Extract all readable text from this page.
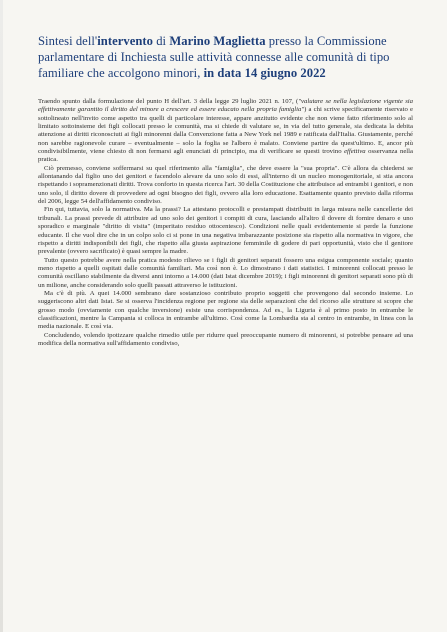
Sintesi dell'intervento di Marino Maglietta presso la Commissione parlamentare di Inchiesta sulle attività connesse alle comunità di tipo familiare che accolgono minori, in data 14 giugno 2022

Traendo spunto dalla formulazione del punto H dell'art. 3 della legge 29 luglio 2021 n. 107, ("valutare se nella legislazione vigente sia effettivamente garantito il diritto del minore a crescere ed essere educato nella propria famiglia") a chi scrive specificamente riservato e sottolineato nell'invito come aspetto tra quelli di particolare interesse, appare anzitutto evidente che non viene fatto riferimento solo al limitato sottoinsieme dei figli collocati presso le comunità, ma si chiede di valutare se, in via del tutto generale, sia dedicata la debita attenzione ai diritti riconosciuti ai figli minorenni dalla Convenzione fatta a New York nel 1989 e ratificata dall'Italia. Giustamente, perché non sarebbe ragionevole curare – eventualmente – solo la foglia se l'albero è malato. Conviene partire da quest'ultimo. E, ancor più condivisibilmente, viene chiesto di non fermarsi agli enunciati di principio, ma di verificare se questi trovino effettiva osservanza nella pratica.

Ciò premesso, conviene soffermarsi su quel riferimento alla "famiglia", che deve essere la "sua propria". C'è allora da chiedersi se allontanando dal figlio uno dei genitori e facendolo alevare da uno solo di essi, all'interno di un nucleo monogenitoriale, si stia ancora rispettando i sopramenzionati diritti. Trova conforto in questa ricerca l'art. 30 della Costituzione che attribuisce ad entrambi i genitori, e non uno solo, il diritto dovere di provvedere ad ogni bisogno dei figli, ovvero alla loro educazione. Esattamente quanto previsto dalla riforma del 2006, legge 54 dell'affidamento condiviso.

Fin qui, tuttavia, solo la normativa. Ma la prassi? La attestano protocolli e prestampati distribuiti in larga misura nelle cancellerie dei tribunali. La prassi prevede di attribuire ad uno solo dei genitori i compiti di cura, lasciando all'altro il dovere di fornire denaro e uno sporadico e marginale "diritto di visita" (imperitato residuo ottocentesco). Condizioni nelle quali evidentemente si perde la funzione educante. Il che vuol dire che in un colpo solo ci si pone in una negativa imbarazzante posizione sia rispetto alla normativa in vigore, che rispetto a diritti indisponibili dei figli, che rispetto alla giusta aspirazione femminile di godere di pari opportunità, visto che il genitore prevalente (ovvero sacrificato) è quasi sempre la madre.

Tutto questo potrebbe avere nella pratica modesto rilievo se i figli di genitori separati fossero una esigua componente sociale; quanto meno rispetto a quelli ospitati dalle comunità familiari. Ma così non è. Lo dimostrano i dati statistici. I minorenni collocati presso le comunità oscillano stabilmente da diversi anni intorno a 14.000 (dati Istat dicembre 2019); i figli minorenni di genitori separati sono più di un milione, anche considerando solo quelli passati attraverso le istituzioni.

Ma c'è di più. A quei 14.000 sembrano dare sostanzioso contributo proprio soggetti che provengono dal secondo insieme. Lo suggeriscono altri dati Istat. Se si osserva l'incidenza regione per regione sia delle separazioni che del ricorso alle strutture si scopre che grosso modo (ovviamente con qualche inversione) esiste una corrispondenza. Ad es., la Liguria è al primo posto in entrambe le classificazioni, mentre la Campania si colloca in entrambe all'ultimo. Così come la Lombardia sta al centro in entrambe, in linea con la media nazionale. E così via.

Concludendo, volendo ipotizzare qualche rimedio utile per ridurre quel preoccupante numero di minorenni, si potrebbe pensare ad una modifica della normativa sull'affidamento condiviso,
